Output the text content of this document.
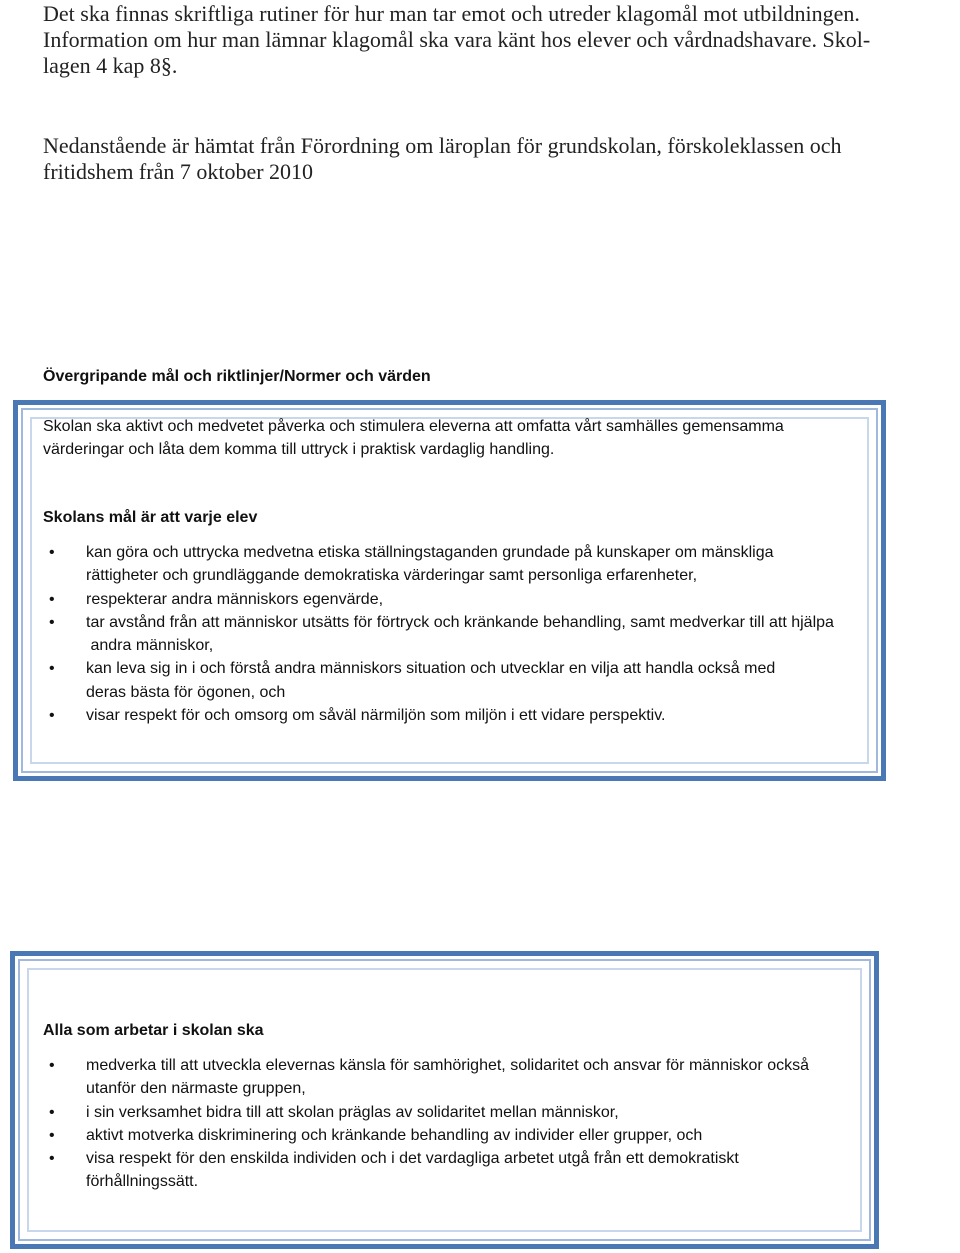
Det ska finnas skriftliga rutiner för hur man tar emot och utreder klagomål mot utbildningen.

Information om hur man lämnar klagomål ska vara känt hos elever och vårdnadshavare. Skol-

lagen 4 kap 8§.

Nedanstående är hämtat från Förordning om läroplan för grundskolan, förskoleklassen och

fritidshem från 7 oktober 2010

Övergripande mål och riktlinjer/Normer och värden

Skolan ska aktivt och medvetet påverka och stimulera eleverna att omfatta vårt samhälles gemensamma

värderingar och låta dem komma till uttryck i praktisk vardaglig handling.

Skolans mål är att varje elev

• kan göra och uttrycka medvetna etiska ställningstaganden grundade på kunskaper om mänskliga
rättigheter och grundläggande demokratiska värderingar samt personliga erfarenheter,
• respekterar andra människors egenvärde,
• tar avstånd från att människor utsätts för förtryck och kränkande behandling, samt medverkar till att hjälpa
andra människor,
• kan leva sig in i och förstå andra människors situation och utvecklar en vilja att handla också med
deras bästa för ögonen, och
• visar respekt för och omsorg om såväl närmiljön som miljön i ett vidare perspektiv.

Alla som arbetar i skolan ska

• medverka till att utveckla elevernas känsla för samhörighet, solidaritet och ansvar för människor också
utanför den närmaste gruppen,
• i sin verksamhet bidra till att skolan präglas av solidaritet mellan människor,
• aktivt motverka diskriminering och kränkande behandling av individer eller grupper, och
• visa respekt för den enskilda individen och i det vardagliga arbetet utgå från ett demokratiskt
förhållningssätt.
